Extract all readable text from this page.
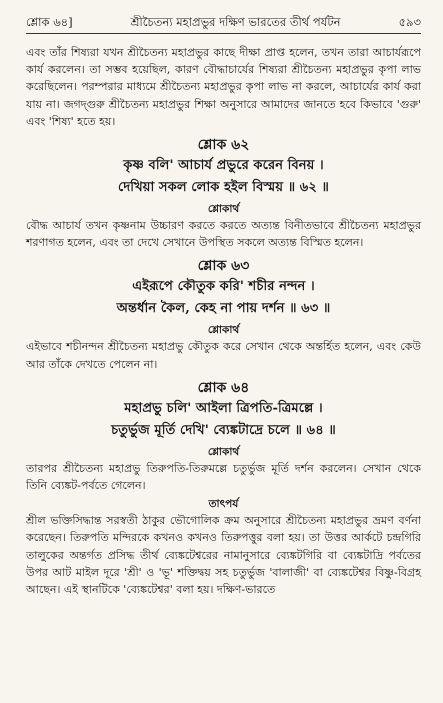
শ্লোক ৬৪]	শ্রীচৈতন্য মহাপ্রভুর দক্ষিণ ভারতের তীর্থ পর্যটন	৫৯৩

এবং তাঁর শিষ্যরা যখন শ্রীচৈতন্য মহাপ্রভুর কাছে দীক্ষা প্রাপ্ত হলেন, তখন তারা আচার্যরূপে কার্য করলেন। তা সম্ভব হয়েছিল, কারণ বৌদ্ধাচার্যের শিষ্যরা শ্রীচৈতন্য মহাপ্রভুর কৃপা লাভ করেছিলেন। পরম্পরার মাধ্যমে শ্রীচৈতন্য মহাপ্রভুর কৃপা লাভ না করলে, আচার্যের কার্য করা যায় না। জগদ্গুরু শ্রীচৈতন্য মহাপ্রভুর শিক্ষা অনুসারে আমাদের জানতে হবে কিভাবে 'গুরু' এবং 'শিষ্য' হতে হয়।

শ্লোক ৬২
কৃষ্ণ বলি' আচার্য প্রভুরে করেন বিনয় ।
দেখিয়া সকল লোক হইল বিস্ময় ॥ ৬২ ॥
শ্লোকার্থ

বৌদ্ধ আচার্য তখন কৃষ্ণনাম উচ্চারণ করতে করতে অত্যন্ত বিনীতভাবে শ্রীচৈতন্য মহাপ্রভুর শরণাগত হলেন, এবং তা দেখে সেখানে উপস্থিত সকলে অত্যন্ত বিস্মিত হলেন।

শ্লোক ৬৩
এইরূপে কৌতুক করি' শচীর নন্দন ।
অন্তর্ধান কৈল, কেহ না পায় দর্শন ॥ ৬৩ ॥
শ্লোকার্থ

এইভাবে শচীনন্দন শ্রীচৈতন্য মহাপ্রভু কৌতুক করে সেখান থেকে অন্তর্হিত হলেন, এবং কেউ আর তাঁকে দেখতে পেলেন না।

শ্লোক ৬৪
মহাপ্রভু চলি' আইলা ত্রিপতি-ত্রিমল্লে ।
চতুর্ভুজ মূর্তি দেখি' ব্যেঙ্কটাদ্রে চলে ॥ ৬৪ ॥
শ্লোকার্থ

তারপর শ্রীচৈতন্য মহাপ্রভু তিরুপতি-তিরুমল্লে চতুর্ভুজ মূর্তি দর্শন করলেন। সেখান থেকে তিনি ব্যেঙ্কট-পর্বতে গেলেন।

তাৎপর্য

শ্রীল ভক্তিসিদ্ধান্ত সরস্বতী ঠাকুর ভৌগোলিক ক্রম অনুসারে শ্রীচৈতন্য মহাপ্রভুর ভ্রমণ বর্ণনা করেছেন। তিরুপতি মন্দিরকে কখনও কখনও তিরুপত্তুর বলা হয়। তা উত্তর আর্কটে চন্দ্রগিরি তালুকের অন্তর্গত প্রসিদ্ধ তীর্থ ব্যেঙ্কটেশ্বরের নামানুসারে ব্যেঙ্কটগিরি বা ব্যেঙ্কটাদ্রি পর্বতের উপর আট মাইল দূরে 'শ্রী' ও 'ভূ' শক্তিদ্বয় সহ চতুর্ভুজ 'বালাজী' বা ব্যেঙ্কটেশ্বর বিষ্ণু-বিগ্রহ আছেন। এই স্থানটিকে 'ব্যেঙ্কটেশ্বর' বলা হয়। দক্ষিণ-ভারতে
